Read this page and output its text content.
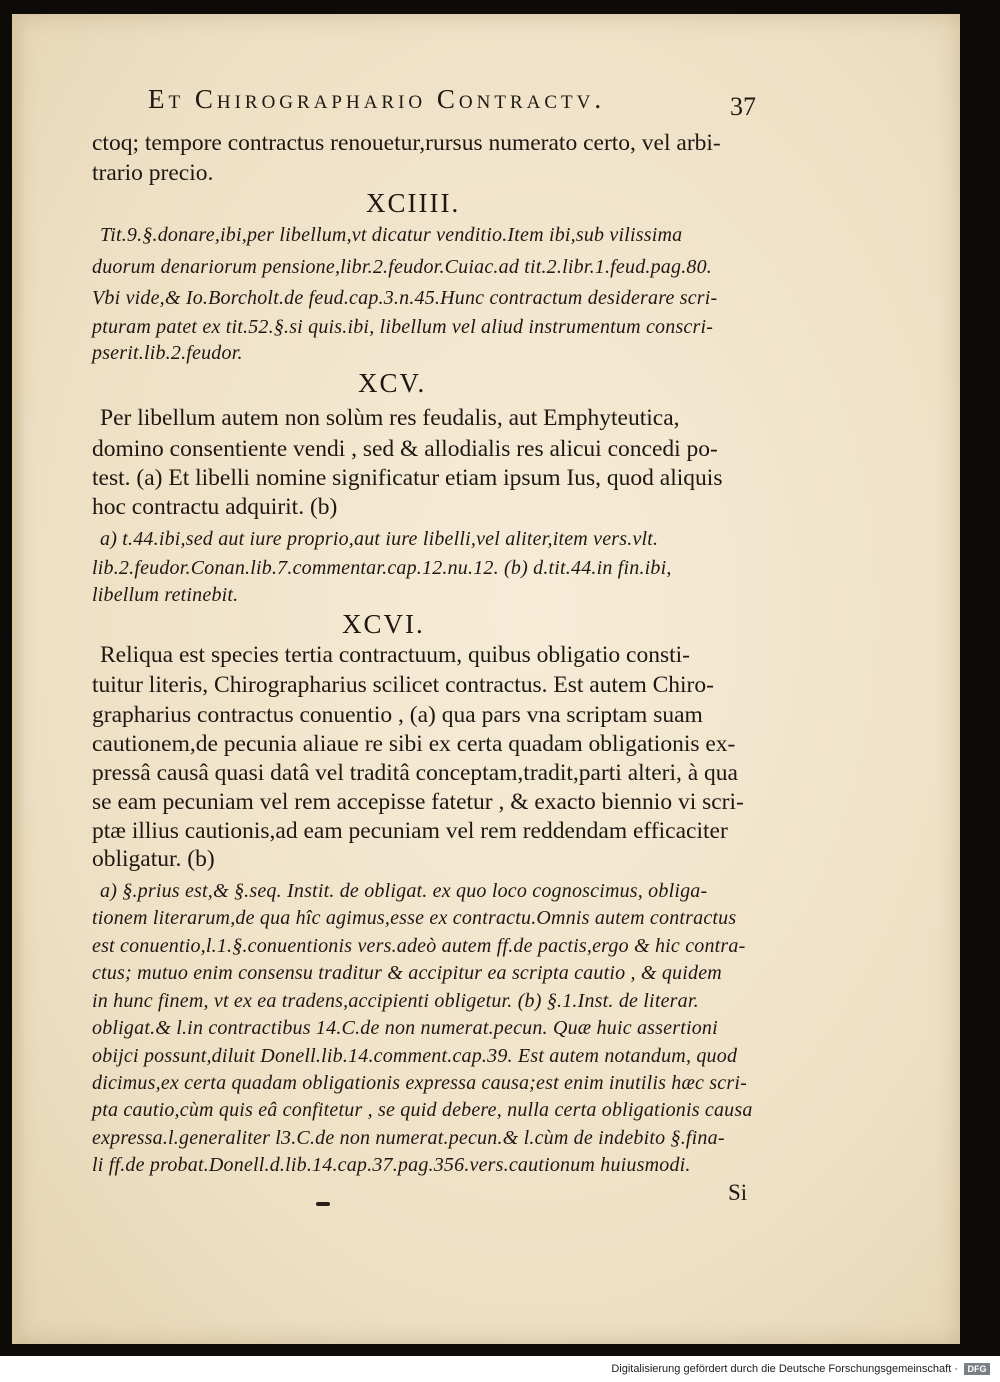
Et Chirographario Contractv.	37
ctoq; tempore contractus renouetur,rursus numerato certo, vel arbi-
trario precio.
XCIIII.
Tit.9.§.donare,ibi,per libellum,vt dicatur venditio.Item ibi,sub vilissima
duorum denariorum pensione,libr.2.feudor.Cuiac.ad tit.2.libr.1.feud.pag.80.
Vbi vide,& Io.Borcholt.de feud.cap.3.n.45.Hunc contractum desiderare scri-
pturam patet ex tit.52.§.si quis.ibi, libellum vel aliud instrumentum conscri-
pserit.lib.2.feudor.
XCV.
Per libellum autem non solùm res feudalis, aut Emphyteutica,
domino consentiente vendi , sed & allodialis res alicui concedi po-
test. (a) Et libelli nomine significatur etiam ipsum Ius, quod aliquis
hoc contractu adquirit. (b)
a) t.44.ibi,sed aut iure proprio,aut iure libelli,vel aliter,item vers.vlt.
lib.2.feudor.Conan.lib.7.commentar.cap.12.nu.12. (b) d.tit.44.in fin.ibi,
libellum retinebit.
XCVI.
Reliqua est species tertia contractuum, quibus obligatio consti-
tuitur literis, Chirographarius scilicet contractus. Est autem Chiro-
grapharius contractus conuentio , (a) qua pars vna scriptam suam
cautionem,de pecunia aliaue re sibi ex certa quadam obligationis ex-
pressâ causâ quasi datâ vel traditâ conceptam,tradit,parti alteri, à qua
se eam pecuniam vel rem accepisse fatetur , & exacto biennio vi scri-
ptæ illius cautionis,ad eam pecuniam vel rem reddendam efficaciter
obligatur. (b)
a) §.prius est,& §.seq. Instit. de obligat. ex quo loco cognoscimus, obliga-
tionem literarum,de qua hîc agimus,esse ex contractu.Omnis autem contractus
est conuentio,l.1.§.conuentionis vers.adeò autem ff.de pactis,ergo & hic contra-
ctus; mutuo enim consensu traditur & accipitur ea scripta cautio , & quidem
in hunc finem, vt ex ea tradens,accipienti obligetur. (b) §.1.Inst. de literar.
obligat.& l.in contractibus 14.C.de non numerat.pecun. Quæ huic assertioni
obijci possunt,diluit Donell.lib.14.comment.cap.39. Est autem notandum, quod
dicimus,ex certa quadam obligationis expressa causa;est enim inutilis hæc scri-
pta cautio,cùm quis eâ confitetur , se quid debere, nulla certa obligationis causa
expressa.l.generaliter l3.C.de non numerat.pecun.& l.cùm de indebito §.fina-
li ff.de probat.Donell.d.lib.14.cap.37.pag.356.vers.cautionum huiusmodi.
Si
Digitalisierung gefördert durch die Deutsche Forschungsgemeinschaft ·	DFG
